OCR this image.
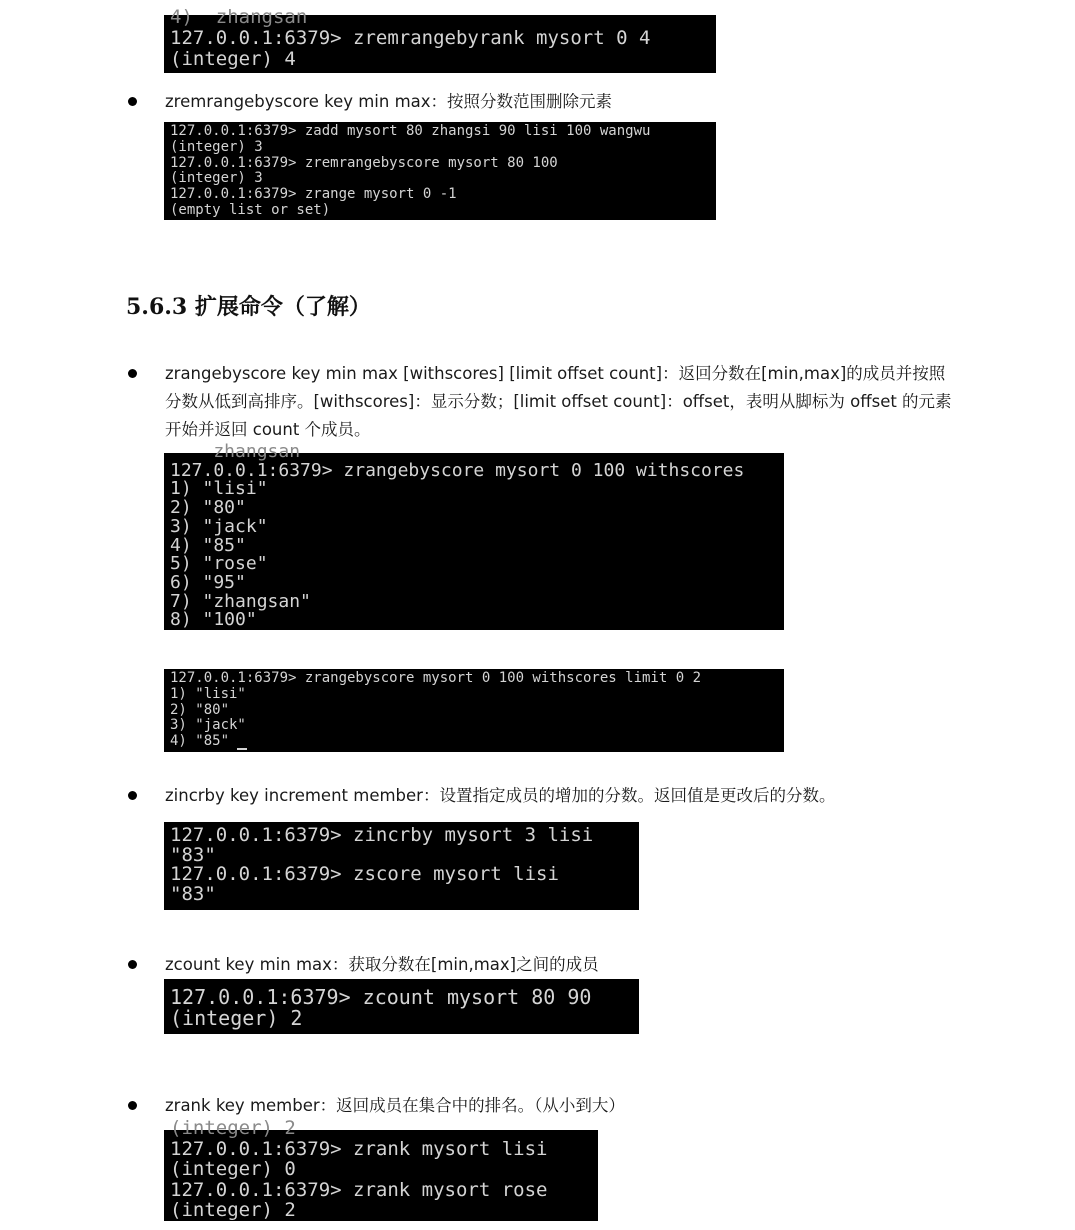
4)  zhangsan
127.0.0.1:6379> zremrangebyrank mysort 0 4
(integer) 4
zremrangebyscore key min max：按照分数范围删除元素
127.0.0.1:6379> zadd mysort 80 zhangsi 90 lisi 100 wangwu
(integer) 3
127.0.0.1:6379> zremrangebyscore mysort 80 100
(integer) 3
127.0.0.1:6379> zrange mysort 0 -1
(empty list or set)
5.6.3 扩展命令（了解）
zrangebyscore key min max [withscores] [limit offset count]：返回分数在[min,max]的成员并按照分数从低到高排序。[withscores]：显示分数；[limit offset count]：offset，表明从脚标为 offset 的元素开始并返回 count 个成员。
zhangsan
127.0.0.1:6379> zrangebyscore mysort 0 100 withscores
1) "lisi"
2) "80"
3) "jack"
4) "85"
5) "rose"
6) "95"
7) "zhangsan"
8) "100"
127.0.0.1:6379> zrangebyscore mysort 0 100 withscores limit 0 2
1) "lisi"
2) "80"
3) "jack"
4) "85"
zincrby key increment member：设置指定成员的增加的分数。返回值是更改后的分数。
127.0.0.1:6379> zincrby mysort 3 lisi
"83"
127.0.0.1:6379> zscore mysort lisi
"83"
zcount key min max：获取分数在[min,max]之间的成员
127.0.0.1:6379> zcount mysort 80 90
(integer) 2
zrank key member：返回成员在集合中的排名。（从小到大）
(integer) 2
127.0.0.1:6379> zrank mysort lisi
(integer) 0
127.0.0.1:6379> zrank mysort rose
(integer) 2
